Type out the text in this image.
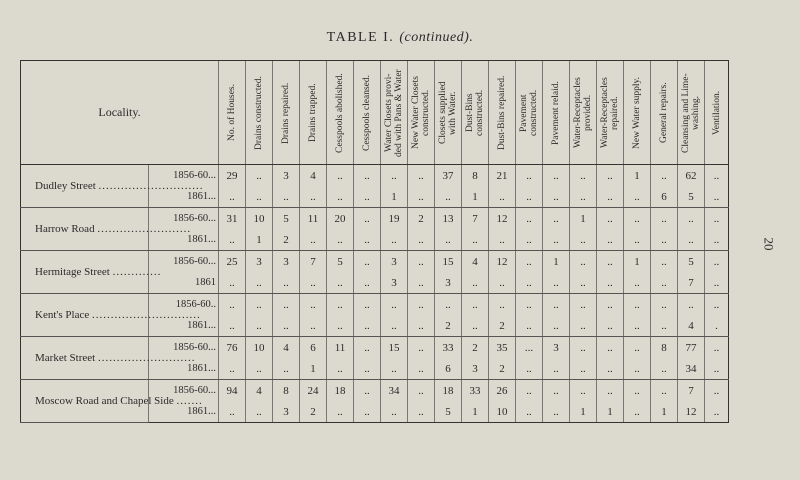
TABLE I. (continued).
20
Locality.		No. of Houses.	Drains constructed.	Drains repaired.	Drains trapped.	Cesspools abolished.	Cesspools cleansed.	Water Closets provi-
ded with Pans & Water	New Water Closets
constructed.	Closets supplied
with Water.	Dust-Bins
constructed.	Dust-Bins repaired.	Pavement
constructed.	Pavement relaid.	Water-Receptacles
provided.	Water-Receptacles
repaired.	New Water supply.	General repairs.	Cleansing and Lime-
washing.	Ventilation.

Dudley Street ............................	1856-60...	29	..	3	4	..	..	..	..	37	8	21	..	..	..	..	1	..	62	..
	1861...	..	..	..	..	..	..	1	..	..	1	..	..	..	..	..	..	6	5	..
Harrow Road .........................	1856-60...	31	10	5	11	20	..	19	2	13	7	12	..	..	1	..	..	..	..	..
	1861...	..	1	2	..	..	..	..	..	..	..	..	..	..	..	..	..	..	..	..
Hermitage Street .............	1856-60...	25	3	3	7	5	..	3	..	15	4	12	..	1	..	..	1	..	5	..
	1861	..	..	..	..	..	..	3	..	3	..	..	..	..	..	..	..	..	7	..
Kent's Place .............................	1856-60..	..	..	..	..	..	..	..	..	..	..	..	..	..	..	..	..	..	..	..
	1861...	..	..	..	..	..	..	..	..	2	..	2	..	..	..	..	..	..	4	.
Market Street ..........................	1856-60...	76	10	4	6	11	..	15	..	33	2	35	...	3	..	..	..	8	77	..
	1861...	..	..	..	1	..	..	..	..	6	3	2	..	..	..	..	..	..	34	..
Moscow Road and Chapel Side .......	1856-60...	94	4	8	24	18	..	34	..	18	33	26	..	..	..	..	..	..	7	..
	1861...	..	..	3	2	..	..	..	..	5	1	10	..	..	1	1	..	1	12	..
